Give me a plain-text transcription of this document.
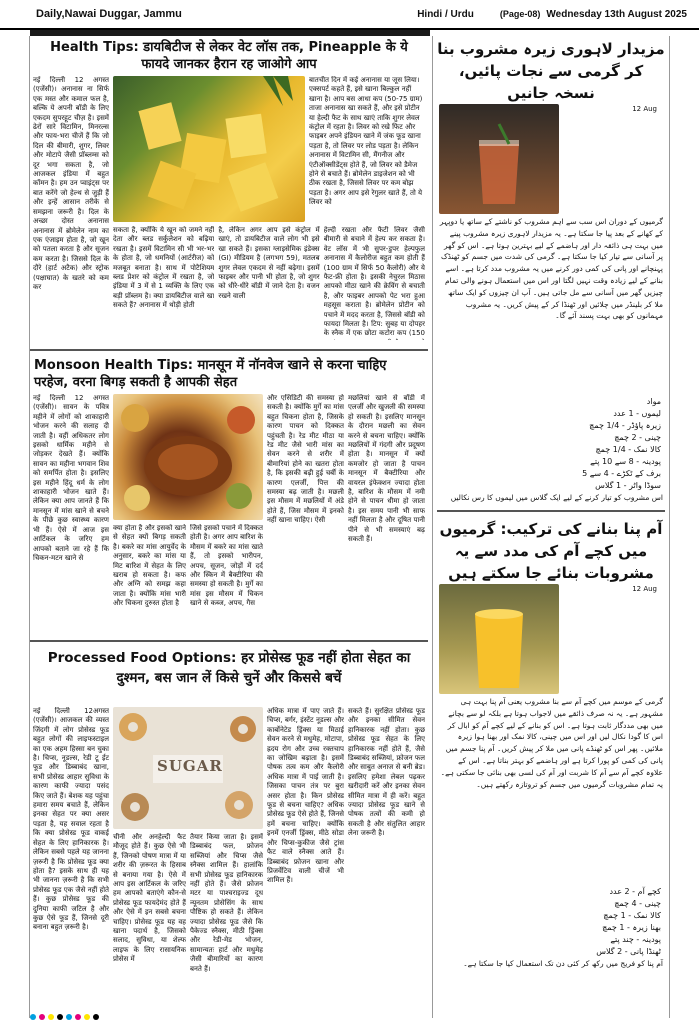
Daily,Nawai Duggar, Jammu	Hindi / Urdu	(Page-08) Wednesday 13th August 2025
Health Tips: डायबिटीज से लेकर वेट लॉस तक, Pineapple के ये फायदे जानकर हैरान रह जाओगे आप
नई दिल्ली 12 अगस्त (एजेंसी)। अनानास ना सिर्फ एक मस्त और कमाल फल है, बल्कि ये अपनी बॉडी के लिए एकदम सुपरहूट चीज़ है। इसमें ढेरों सारे विटामिन, मिनरल्स और फाय-भरा चीजें हैं कि जो दिल की बीमारी, शुगर, लिवर और मोटापे जैसी प्रॉब्लम्स को दूर भगा सकता है, जो आजकल इंडिया में बहुत कॉमन है। हम उन प्वाइंट्स पर बात करेंगे जो हेल्थ से जुड़ी हैं और इन्हें आसान तरीके से समझना जरूरी है। दिल के अच्छा दोस्त अनानास अनानास में ब्रोमेलेन नाम का एक एंजाइम होता है, जो खून को पतला करता है और सूजन कम करता है। जिससे दिल के दौरे (हार्ट अटैक) और स्ट्रोक (पक्षाघात) के खतरे को कम कर
बातचीत दिन में कई अनानास या जूस लिया। एक्सपर्ट कहते हैं, इसे खाना बिल्कुल नहीं खाना है। आप बस आधा कप (50-75 ग्राम) ताजा अनानास खा सकते हैं, और इसे प्रोटीन या हेल्दी फैट के साथ खाएं ताकि शुगर लेवल कंट्रोल में रहता है। लिवर को रखे फिट और फाइबर अपने इंडियन खाने में जंक फूड खाना पड़ता है, तो लिवर पर लोड पड़ता है। लेकिन अनानास में विटामिन सी, मैंगनीज और एंटीऑक्सीडेंट्स होते हैं, जो लिवर को डैमेज होने से बचाते हैं। ब्रोमेलेन डाइजेशन को भी ठीक रखता है, जिससे लिवर पर कम बोझ पड़ता है। अगर आप इसे रेगुलर खाते हैं, तो ये लिवर को
सकता है, क्योंकि ये खून को जमने नहीं देता और ब्लड सर्कुलेशन को बढ़िया रखता है। इसमें विटामिन सी भी भर-भर के होता है, जो धमनियों (आर्टरीज) को मजबूत बनाता है। साथ में पोटैशियम ब्लड प्रेशर को कंट्रोल में रखता है, जो इंडिया में 3 में से 1 व्यक्ति के लिए एक बड़ी प्रॉब्लम है। क्या डायबिटीज वाले खा सकते हैं? अनानास में थोड़ी होती
है, लेकिन अगर आप इसे कंट्रोल में खाएं, तो डायबिटीज वाले लोग भी इसे खा सकते हैं। इसका ग्लाइसेमिक इंडेक्स (GI) मीडियम है (लगभग 59), मतलब शुगर लेवल एकदम से नहीं बढ़ेगा। इसमें फाइबर और पानी भी होता है, जो शुगर को धीरे-धीरे बॉडी में जाने देता है। वजन रखने वाली
हेल्दी रखता और फैटी लिवर जैसी बीमारी से बचाने में हेल्प कर सकता है। वेट लॉस में भी सुपर-डुपर हेल्पफुल अनानास में कैलोरीज बहुत कम होती हैं (100 ग्राम में सिर्फ 50 कैलोरी) और ये फैट-फ्री होता है। इसकी नेचुरल मिठास आपको मीठा खाने की क्रेविंग से बचाती है, और फाइबर आपको पेट भरा हुआ महसूस कराता है। ब्रोमेलेन प्रोटीन को पचाने में मदद करता है, जिससे बॉडी को फायदा मिलता है। टिप: सुबह या दोपहर के स्नैक में एक छोटा कटोरा कप (150
Monsoon Health Tips: मानसून में नॉनवेज खाने से करना चाहिए परहेज, वरना बिगड़ सकती है आपकी सेहत
नई दिल्ली 12 अगस्त (एजेंसी)। सावन के पवित्र महीने में लोगों को शाकाहारी भोजन करने की सलाह दी जाती है। वहीं अधिकतर लोग इसको धार्मिक महीने से जोड़कर देखते हैं। क्योंकि सावन का महीना भगवान शिव को समर्पित होता है। इसलिए इस महीने हिंदू धर्म के लोग शाकाहारी भोजन खाते हैं। लेकिन क्या आप जानते हैं कि मानसून में मांस खाने से बचने के पीछे कुछ स्वास्थ्य कारण भी हैं। ऐसे में आज इस आर्टिकल के जरिए हम आपको बताने जा रहे हैं कि चिकन-मटन खाने से
क्या होता है और इसको खाने से सेहत क्यों बिगड़ सकती है। बकरे का मांस आयुर्वेद के अनुसार, बकरे का मांस या मिट बारिश में सेहत के लिए खराब हो सकता है। कफ और अग्नि को समझ कहा जाता है। क्योंकि मांस भारी और चिकना दुरुस्त होता है
जिसे इसको पचाने में दिक्कत होती है। अगर आप बारिश के मौसम में बकरे का मांस खाते हैं, तो इसको भारीपन, अपच, सूजन, जोड़ों में दर्द और स्किन में बैक्टीरिया की समस्या हो सकती है। मुर्गे का मांस इस मौसम में चिकन खाने से कब्ज, अपच, गैस
और एसिडिटी की समस्या हो सकती है। क्योंकि मुर्गे का मांस बहुत चिकना होता है, जिसके कारण पाचन को दिक्कत पहुंचती है। रेड मीट मीठा या रेड मीट जैसे भारी मांस का सेवन करने से शरीर में बीमारियां होने का खतरा होता है, कि इसकी बढ़ी हुई चर्बी के कारण एलर्जी, पित्त की समस्या बढ़ जाती है। मछली इस मौसम में मछलियों में अंडे होते हैं, जिस मौसम में इनको नहीं खाना चाहिए। ऐसी
मछलियां खाने से बॉडी में एलर्जी और खुजली की समस्या हो सकती है। इसलिए मानसून के दौरान मछली का सेवन करने से बचना चाहिए। क्योंकि मछलियों में गंदगी और प्रदूषण होता है। मानसून में क्यों कमजोर हो जाता है पाचन मानसून में बैक्टीरिया और वायरल इंफेक्शन ज्यादा होता है, बारिश के मौसम में नमी होने से पाचन धीमा हो जाता है। इस समय पानी भी साफ नहीं मिलता है और दूषित पानी पीने से भी समस्याएं बढ़ सकती हैं।
Processed Food Options: हर प्रोसेस्ड फूड नहीं होता सेहत का दुश्मन, बस जान लें किसे चुनें और किससे बचें
नई दिल्ली 12अगस्त (एजेंसी)। आजकल की व्यस्त जिंदगी में लोग प्रोसेस्ड फूड बहुत लोगों की लाइफस्टाइल का एक अहम हिस्सा बन चुका है। चिप्स, नूडल्स, रेडी टू ईट फूड और डिब्बाबंद खाना, सभी प्रोसेस्ड आहार सुविधा के कारण काफी ज्यादा पसंद किए जाते हैं। बेशक यह पहुंचा हमारा समय बचाते हैं, लेकिन इनका सेहत पर क्या असर पड़ता है, यह सवाल रहता है कि क्या प्रोसेस्ड फूड वाकई सेहत के लिए हानिकारक है। लेकिन सबसे पहले यह जानना ज़रूरी है कि प्रोसेस्ड फूड क्या होता है? इसके साथ ही यह भी जानना ज़रूरी है कि सभी प्रोसेस्ड फूड एक जैसे नहीं होते हैं। कुछ प्रोसेस्ड फूड की दुनिया काफी जटिल है और कुछ ऐसे फूड हैं, जिनसे दूरी बनाना बहुत ज़रूरी है।
SUGAR
चीनी और अनहेल्दी फैट मौजूद होते हैं। कुछ ऐसे भी हैं, जिनको पोषण मात्रा में या शरीर की ज़रूरत के हिसाब से बनाया गया है। ऐसे में आप इस आर्टिकल के जरिए हम आपको बताएंगे कौन-से प्रोसेस्ड फूड फायदेमंद होते हैं और ऐसे में इन सबसे बचना चाहिए। प्रोसेस्ड फूड यह वह खाना पदार्थ है, जिसको सलाद, सुविधा, या शेल्फ लाइफ के लिए रासायनिक प्रोसेस में
तैयार किया जाता है। इसमें डिब्बाबंद फल, फ्रोजन सब्जियां और चिप्स जैसे स्नैक्स शामिल हैं। हालांकि सभी प्रोसेस्ड फूड हानिकारक नहीं होते हैं। जैसे फ्रोजन मटर या पाश्चराइज्ड दूध न्यूनतम प्रोसेसिंग के साथ पौष्टिक हो सकते हैं। लेकिन ज्यादा प्रोसेस्ड फूड जैसे कि पैकेज्ड स्नैक्स, मीठी ड्रिंक्स और रेडी-मेड भोजन, सामान्यतः हार्ट और मधुमेह जैसी बीमारियों का कारण बनते हैं।
अधिक मात्रा में पाए जाते हैं। चिप्स, बर्गर, इंस्टेंट नूडल्स और कार्बोनेटेड ड्रिंक्स या मिठाई सेवन करने से मधुमेह, मोटापा, ह्रदय रोग और उच्च रक्तचाप का जोखिम बढ़ाता है। इसमें पोषक तत्व कम और कैलोरी अधिक मात्रा में पाई जाती है। जिसका पाचन तंत्र पर बुरा असर होता है। किन प्रोसेस्ड फूड से बचना चाहिए? अधिक प्रोसेस्ड फूड ऐसे होते हैं, जिनसे हमें बचना चाहिए। क्योंकि इनमें एनर्जी ड्रिंक्स, मीठे सोडा और चिप्स-कुकीज जैसे ट्रांस फैट वाले स्नैक्स आते हैं। डिब्बाबंद फ्रोजन खाना और प्रिजर्वेटिव वाली चीजें भी शामिल हैं।
सकते हैं। सुरक्षित प्रोसेस्ड फूड और इनका सीमित सेवन हानिकारक नहीं होता। कुछ प्रोसेस्ड फूड सेहत के लिए हानिकारक नहीं होते हैं, जैसे डिब्बाबंद सब्जियां, फ्रोजन फल और साबुत अनाज से बनी ब्रेड। इसलिए हमेशा लेबल पढ़कर खरीदारी करें और इनका सेवन सीमित मात्रा में ही करें। बहुत ज्यादा प्रोसेस्ड फूड खाने से पोषक तत्वों की कमी हो सकती है और संतुलित आहार लेना जरूरी है।
مزیدار لاہوری زیرہ مشروب بنا کر گرمی سے نجات پائیں، نسخہ جانیں
12 Aug
گرمیوں کے دوران اس سب سے اہم مشروب کو ناشتے کے ساتھ یا دوپہر کے کھانے کے بعد پیا جا سکتا ہے۔ یہ مزیدار لاہوری زیرہ مشروب پینے میں بہت ہی ذائقہ دار اور ہاضمے کے لیے بہترین ہوتا ہے۔ اس کو گھر پر آسانی سے تیار کیا جا سکتا ہے۔ گرمی کی شدت میں جسم کو ٹھنڈک پہنچانے اور پانی کی کمی دور کرنے میں یہ مشروب مدد کرتا ہے۔ اسے بنانے کے لیے زیادہ وقت نہیں لگتا اور اس میں استعمال ہونے والی تمام چیزیں گھر میں آسانی سے مل جاتی ہیں۔ آپ ان چیزوں کو ایک ساتھ ملا کر بلینڈر میں چلائیں اور ٹھنڈا کر کے پیش کریں۔ یہ مشروب مہمانوں کو بھی بہت پسند آئے گا۔
مواد
لیموں - 1 عدد
زیرہ پاؤڈر - 1/4 چمچ
چینی - 2 چمچ
کالا نمک - 1/4 چمچ
پودینہ - 8 سے 10 پتے
برف کے ٹکڑے - 4 سے 5
سوڈا واٹر - 1 گلاس
اس مشروب کو تیار کرنے کے لیے ایک گلاس میں لیموں کا رس نکالیں
آم پنا بنانے کی ترکیب: گرمیوں میں کچے آم کی مدد سے یہ مشروبات بنائے جا سکتے ہیں
12 Aug
گرمی کے موسم میں کچے آم سے بنا مشروب یعنی آم پنا بہت ہی مشہور ہے۔ یہ نہ صرف ذائقے میں لاجواب ہوتا ہے بلکہ لو سے بچانے میں بھی مددگار ثابت ہوتا ہے۔ اس کو بنانے کے لیے کچے آم کو ابال کر اس کا گودا نکال لیں اور اس میں چینی، کالا نمک اور بھنا ہوا زیرہ ملائیں۔ پھر اس کو ٹھنڈے پانی میں ملا کر پیش کریں۔ آم پنا جسم میں پانی کی کمی کو پورا کرتا ہے اور ہاضمے کو بہتر بناتا ہے۔ اس کے علاوہ کچے آم سے آم کا شربت اور آم کی لسی بھی بنائی جا سکتی ہے۔ یہ تمام مشروبات گرمیوں میں جسم کو تروتازہ رکھتے ہیں۔
کچے آم - 2 عدد
چینی - 4 چمچ
کالا نمک - 1 چمچ
بھنا زیرہ - 1 چمچ
پودینہ - چند پتے
ٹھنڈا پانی - 2 گلاس
آم پنا کو فریج میں رکھ کر کئی دن تک استعمال کیا جا سکتا ہے۔
